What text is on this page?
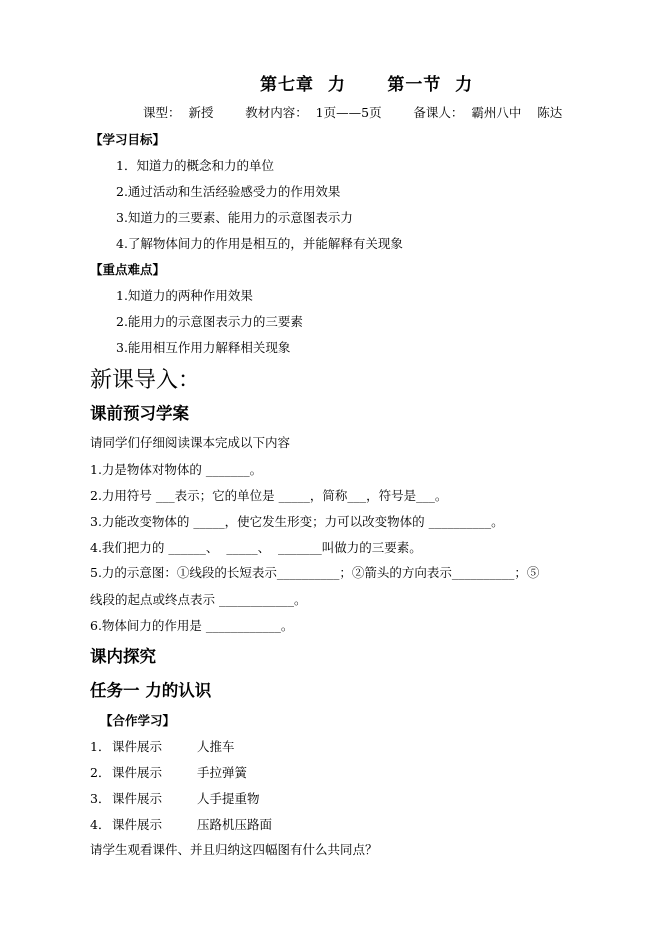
第七章  力      第一节  力
课型：  新授        教材内容：  1页——5页        备课人：  霸州八中    陈达
【学习目标】
1．知道力的概念和力的单位
2.通过活动和生活经验感受力的作用效果
3.知道力的三要素、能用力的示意图表示力
4.了解物体间力的作用是相互的，并能解释有关现象
【重点难点】
1.知道力的两种作用效果
2.能用力的示意图表示力的三要素
3.能用相互作用力解释相关现象
新课导入：
课前预习学案
请同学们仔细阅读课本完成以下内容
1.力是物体对物体的 _______。
2.力用符号 ___表示；它的单位是 _____，简称___，符号是___。
3.力能改变物体的 _____，使它发生形变；力可以改变物体的 __________。
4.我们把力的 ______、  _____、  _______叫做力的三要素。
5.力的示意图：①线段的长短表示__________；②箭头的方向表示__________；⑤
线段的起点或终点表示 ____________。
6.物体间力的作用是 ____________。
课内探究
任务一 力的认识
【合作学习】
1． 课件展示	人推车
2． 课件展示	手拉弹簧
3． 课件展示	人手提重物
4． 课件展示	压路机压路面
请学生观看课件、并且归纳这四幅图有什么共同点？
